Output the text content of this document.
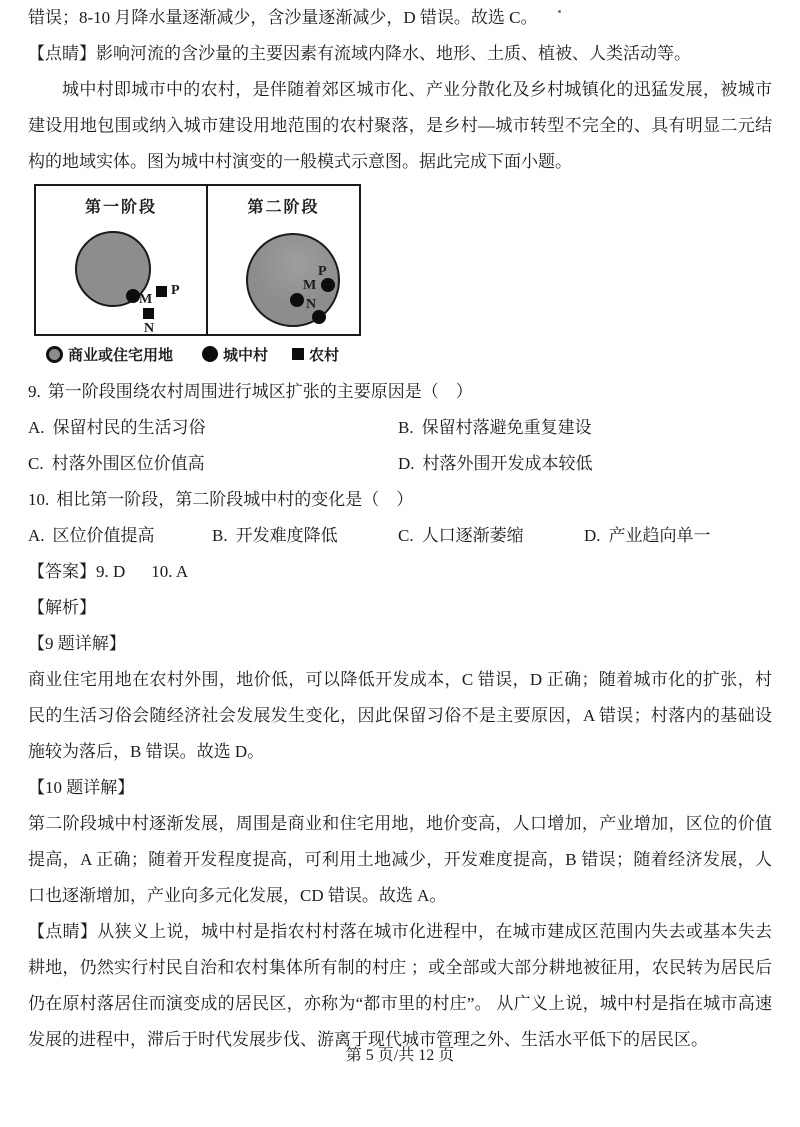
错误；8-10 月降水量逐渐减少，含沙量逐渐减少，D 错误。故选 C。
【点睛】影响河流的含沙量的主要因素有流域内降水、地形、土质、植被、人类活动等。
城中村即城市中的农村，是伴随着郊区城市化、产业分散化及乡村城镇化的迅猛发展，被城市建设用地包围或纳入城市建设用地范围的农村聚落，是乡村—城市转型不完全的、具有明显二元结构的地域实体。图为城中村演变的一般模式示意图。据此完成下面小题。
第一阶段
M
P
N
第二阶段
M
P
N
商业或住宅用地	城中村	农村
9. 第一阶段围绕农村周围进行城区扩张的主要原因是（　）
A. 保留村民的生活习俗	B. 保留村落避免重复建设
C. 村落外围区位价值高	D. 村落外围开发成本较低
10. 相比第一阶段，第二阶段城中村的变化是（　）
A. 区位价值提高	B. 开发难度降低	C. 人口逐渐萎缩	D. 产业趋向单一
【答案】9. D 10. A
【解析】
【9 题详解】
商业住宅用地在农村外围，地价低，可以降低开发成本，C 错误，D 正确；随着城市化的扩张，村民的生活习俗会随经济社会发展发生变化，因此保留习俗不是主要原因，A 错误；村落内的基础设施较为落后，B 错误。故选 D。
【10 题详解】
第二阶段城中村逐渐发展，周围是商业和住宅用地，地价变高，人口增加，产业增加，区位的价值提高，A 正确；随着开发程度提高，可利用土地减少，开发难度提高，B 错误；随着经济发展，人口也逐渐增加，产业向多元化发展，CD 错误。故选 A。
【点睛】从狭义上说，城中村是指农村村落在城市化进程中，在城市建成区范围内失去或基本失去耕地，仍然实行村民自治和农村集体所有制的村庄 ；或全部或大部分耕地被征用，农民转为居民后仍在原村落居住而演变成的居民区，亦称为“都市里的村庄”。 从广义上说，城中村是指在城市高速发展的进程中，滞后于时代发展步伐、游离于现代城市管理之外、生活水平低下的居民区。
第 5 页/共 12 页
